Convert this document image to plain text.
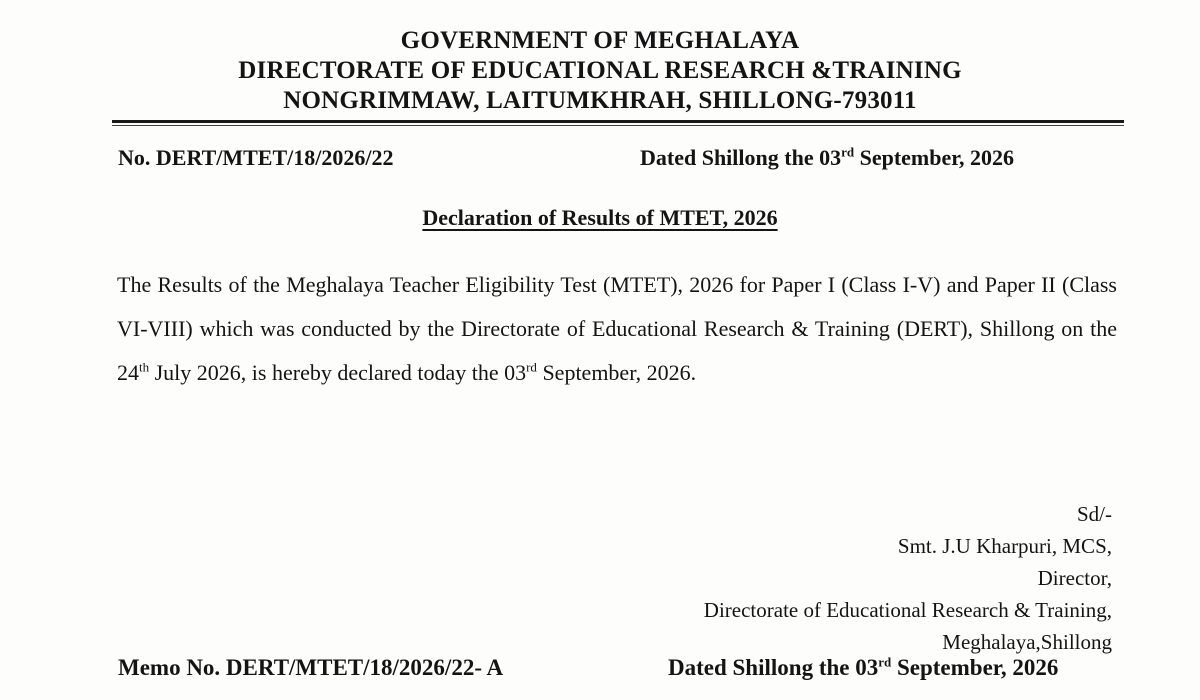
GOVERNMENT OF MEGHALAYA
DIRECTORATE OF EDUCATIONAL RESEARCH &TRAINING
NONGRIMMAW, LAITUMKHRAH, SHILLONG-793011
No. DERT/MTET/18/2026/22	Dated Shillong the 03rd September, 2026
Declaration of Results of MTET, 2026
The Results of the Meghalaya Teacher Eligibility Test (MTET), 2026 for Paper I (Class I-V) and Paper II (Class VI-VIII) which was conducted by the Directorate of Educational Research & Training (DERT), Shillong on the 24th July 2026, is hereby declared today the 03rd September, 2026.
Sd/-
Smt. J.U Kharpuri, MCS,
Director,
Directorate of Educational Research & Training,
Meghalaya,Shillong
Memo No. DERT/MTET/18/2026/22- A	Dated Shillong the 03rd September, 2026
